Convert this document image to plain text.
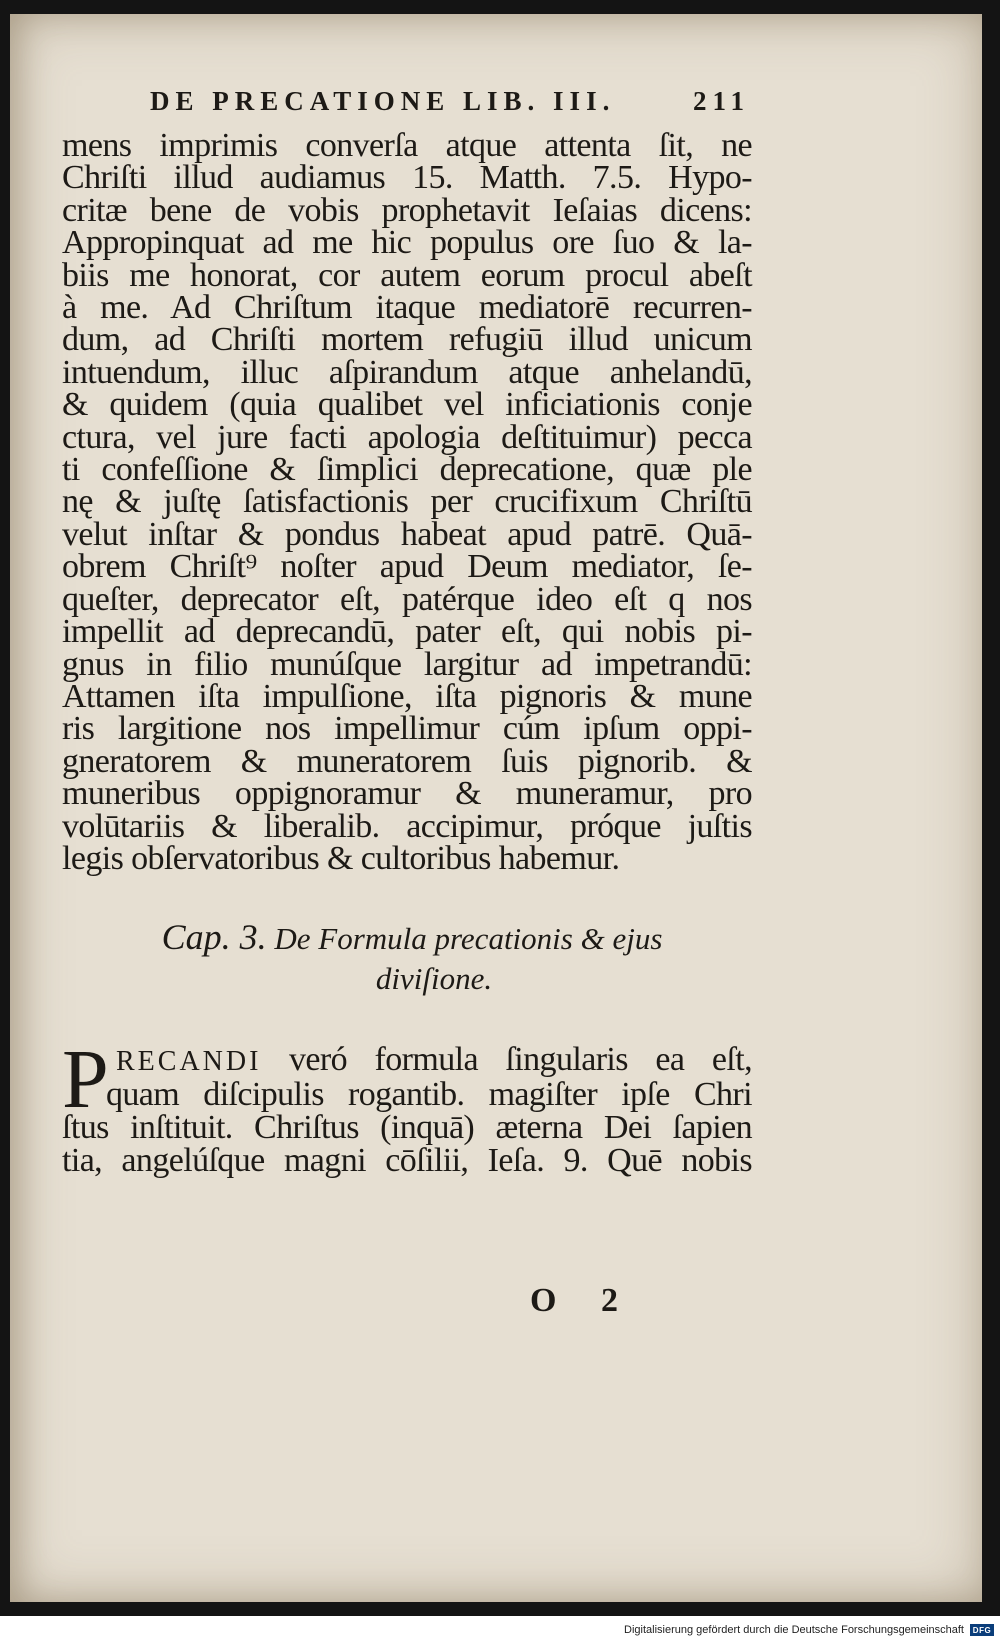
DE PRECATIONE LIB. III.	211
mens imprimis converſa atque attenta ſit, ne
Chriſti illud audiamus 15. Matth. 7.5. Hypo-
critæ bene de vobis prophetavit Ieſaias dicens:
Appropinquat ad me hic populus ore ſuo & la-
biis me honorat, cor autem eorum procul abeſt
à me. Ad Chriſtum itaque mediatorē recurren-
dum, ad Chriſti mortem refugiū illud unicum
intuendum, illuc aſpirandum atque anhelandū,
& quidem (quia qualibet vel inficiationis conje
ctura, vel jure facti apologia deſtituimur) pecca
ti confeſſione & ſimplici deprecatione, quæ ple
nę & juſtę ſatisfactionis per crucifixum Chriſtū
velut inſtar & pondus habeat apud patrē. Quā-
obrem Chriſt⁹ noſter apud Deum mediator, ſe-
queſter, deprecator eſt, patérque ideo eſt q nos
impellit ad deprecandū, pater eſt, qui nobis pi-
gnus in filio munúſque largitur ad impetrandū:
Attamen iſta impulſione, iſta pignoris & mune
ris largitione nos impellimur cúm ipſum oppi-
gneratorem & muneratorem ſuis pignorib. &
muneribus oppignoramur & muneramur, pro
volūtariis & liberalib. accipimur, próque juſtis
legis obſervatoribus & cultoribus habemur.
Cap. 3. De Formula precationis & ejus
diviſione.
P RECANDI veró formula ſingularis ea eſt,
quam diſcipulis rogantib. magiſter ipſe Chri
ſtus inſtituit. Chriſtus (inquā) æterna Dei ſapien
tia, angelúſque magni cōſilii, Ieſa. 9. Quē nobis
O 2
Digitalisierung gefördert durch die Deutsche Forschungsgemeinschaft	DFG
